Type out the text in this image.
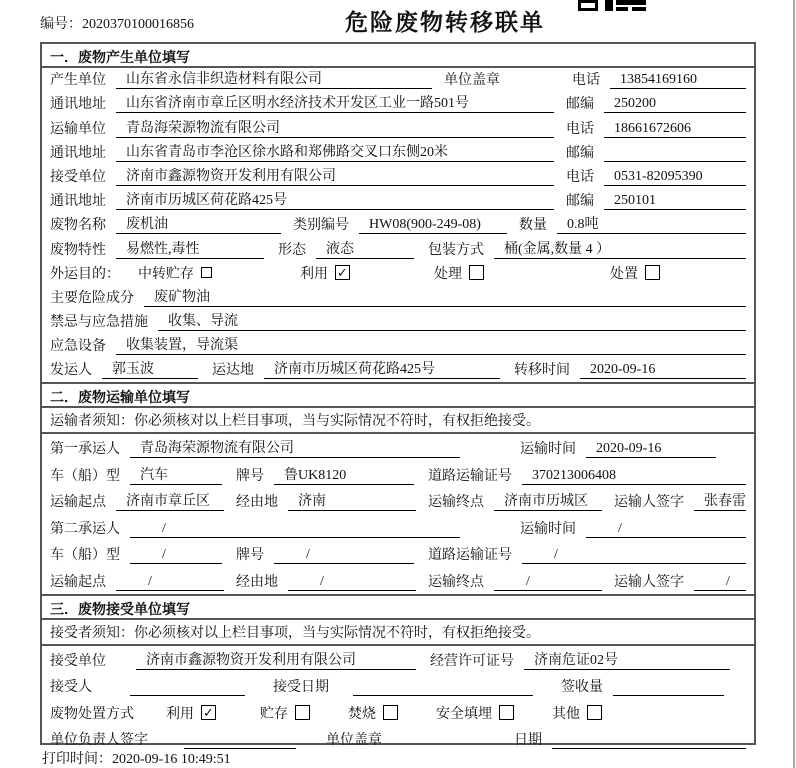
编号：2020370100016856	危险废物转移联单
一．废物产生单位填写
产生单位	山东省永信非织造材料有限公司	单位盖章	电话	13854169160
通讯地址	山东省济南市章丘区明水经济技术开发区工业一路501号	邮编	250200
运输单位	青岛海荣源物流有限公司	电话	18661672606
通讯地址	山东省青岛市李沧区徐水路和郑佛路交叉口东侧20米	邮编
接受单位	济南市鑫源物资开发利用有限公司	电话	0531-82095390
通讯地址	济南市历城区荷花路425号	邮编	250101
废物名称	废机油	类别编号	HW08(900-249-08)	数量	0.8吨
废物特性	易燃性,毒性	形态	液态	包装方式	桶(金属,数量 4 ）
外运目的：	中转贮存	利用 ✓	处理	处置
主要危险成分	废矿物油
禁忌与应急措施	收集、导流
应急设备	收集装置，导流渠
发运人	郭玉波	运达地	济南市历城区荷花路425号	转移时间	2020-09-16
二．废物运输单位填写
运输者须知：你必须核对以上栏目事项，当与实际情况不符时，有权拒绝接受。
第一承运人	青岛海荣源物流有限公司	运输时间	2020-09-16
车（船）型	汽车	牌号	鲁UK8120	道路运输证号	370213006408
运输起点	济南市章丘区	经由地	济南	运输终点	济南市历城区	运输人签字	张春雷
第二承运人	/	运输时间	/
车（船）型	/	牌号	/	道路运输证号	/
运输起点	/	经由地	/	运输终点	/	运输人签字	/
三．废物接受单位填写
接受者须知：你必须核对以上栏目事项，当与实际情况不符时，有权拒绝接受。
接受单位	济南市鑫源物资开发利用有限公司	经营许可证号	济南危证02号
接受人	接受日期	签收量
废物处置方式	利用 ✓	贮存	焚烧	安全填埋	其他
单位负责人签字	单位盖章	日期
打印时间：2020-09-16 10:49:51
